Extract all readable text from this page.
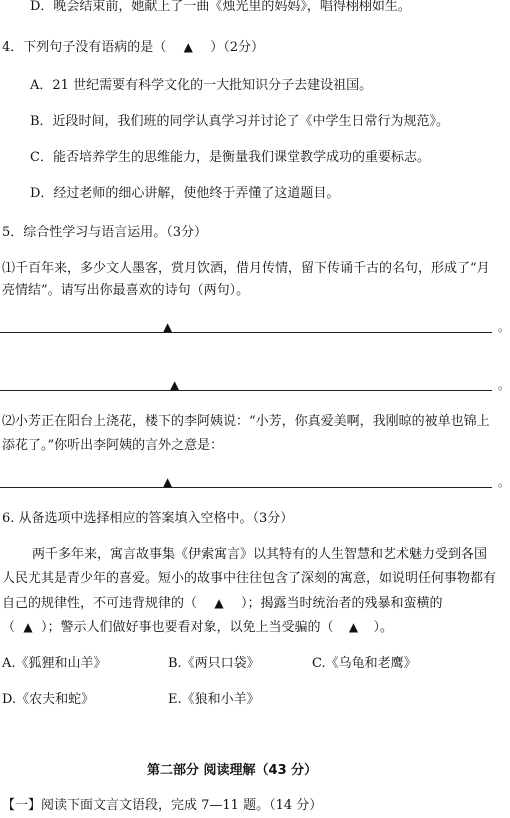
D．晚会结束前，她献上了一曲《烛光里的妈妈》，唱得栩栩如生。
4．下列句子没有语病的是（ ▲ ）（2分）
A．21 世纪需要有科学文化的一大批知识分子去建设祖国。
B．近段时间，我们班的同学认真学习并讨论了《中学生日常行为规范》。
C．能否培养学生的思维能力，是衡量我们课堂教学成功的重要标志。
D．经过老师的细心讲解，使他终于弄懂了这道题目。
5．综合性学习与语言运用。（3分）
⑴千百年来，多少文人墨客，赏月饮酒，借月传情，留下传诵千古的名句，形成了“月
亮情结”。请写出你最喜欢的诗句（两句）。
▲	。
▲	。
⑵小芳正在阳台上浇花，楼下的李阿姨说：“小芳，你真爱美啊，我刚晾的被单也锦上
添花了。”你听出李阿姨的言外之意是：
▲	。
6. 从备选项中选择相应的答案填入空格中。（3分）
两千多年来，寓言故事集《伊索寓言》以其特有的人生智慧和艺术魅力受到各国
人民尤其是青少年的喜爱。短小的故事中往往包含了深刻的寓意，如说明任何事物都有
自己的规律性，不可违背规律的（ ▲ ）；揭露当时统治者的残暴和蛮横的
（ ▲ ）；警示人们做好事也要看对象，以免上当受骗的（ ▲ ）。
A.《狐狸和山羊》	B.《两只口袋》	C.《乌龟和老鹰》
D.《农夫和蛇》	E.《狼和小羊》
第二部分 阅读理解（43 分）
【一】阅读下面文言文语段，完成 7—11 题。（14 分）
